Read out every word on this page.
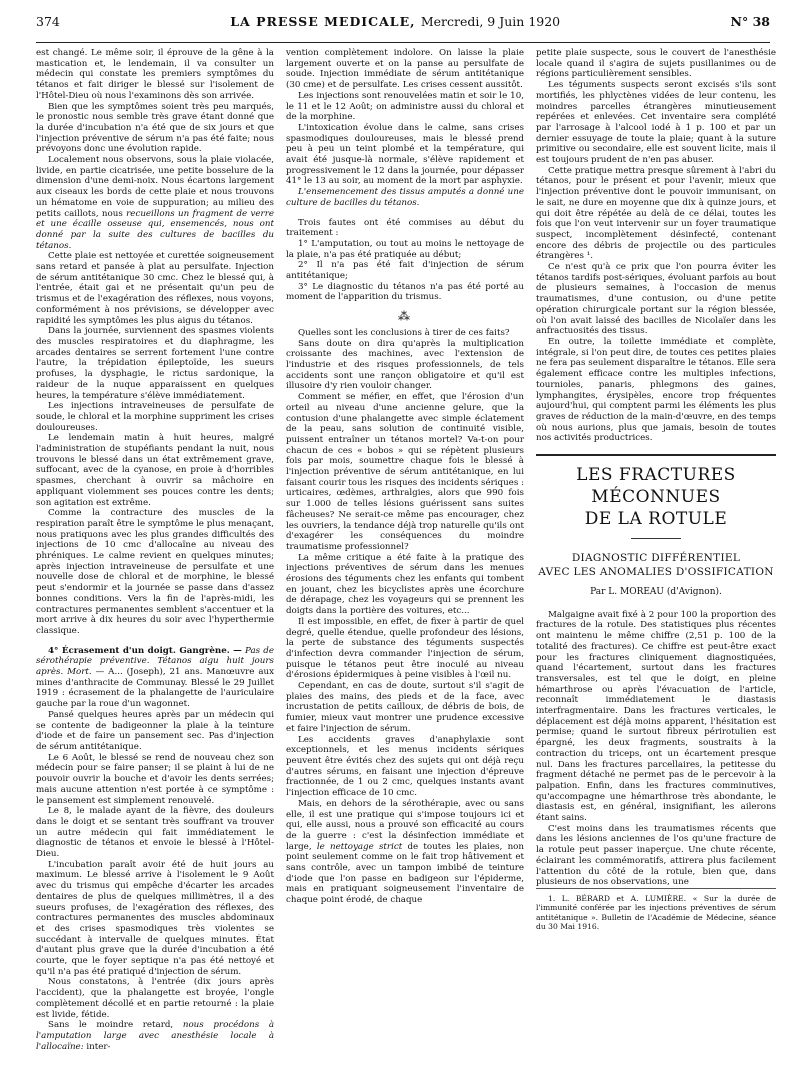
374	LA PRESSE MEDICALE, Mercredi, 9 Juin 1920	N° 38

est changé. Le même soir, il éprouve de la gêne à la mastication et, le lendemain, il va consulter un médecin qui constate les premiers symptômes du tétanos et fait diriger le blessé sur l'isolement de l'Hôtel-Dieu où nous l'examinons dès son arrivée.

Bien que les symptômes soient très peu marqués, le pronostic nous semble très grave étant donné que la durée d'incubation n'a été que de six jours et que l'injection préventive de sérum n'a pas été faite; nous prévoyons donc une évolution rapide.

Localement nous observons, sous la plaie violacée, livide, en partie cicatrisée, une petite bosselure de la dimension d'une demi-noix. Nous écartons largement aux ciseaux les bords de cette plaie et nous trouvons un hématome en voie de suppuration; au milieu des petits caillots, nous recueillons un fragment de verre et une écaille osseuse qui, ensemencés, nous ont donné par la suite des cultures de bacilles du tétanos.

Cette plaie est nettoyée et curettée soigneusement sans retard et pansée à plat au persulfate. Injection de sérum antitétanique 30 cmc. Chez le blessé qui, à l'entrée, était gai et ne présentait qu'un peu de trismus et de l'exagération des réflexes, nous voyons, conformément à nos prévisions, se développer avec rapidité les symptômes les plus aigus du tétanos.

Dans la journée, surviennent des spasmes violents des muscles respiratoires et du diaphragme, les arcades dentaires se serrent fortement l'une contre l'autre, la trépidation épileptoïde, les sueurs profuses, la dysphagie, le rictus sardonique, la raideur de la nuque apparaissent en quelques heures, la température s'élève immédiatement.

Les injections intraveineuses de persulfate de soude, le chloral et la morphine suppriment les crises douloureuses.

Le lendemain matin à huit heures, malgré l'administration de stupéfiants pendant la nuit, nous trouvons le blessé dans un état extrêmement grave, suffocant, avec de la cyanose, en proie à d'horribles spasmes, cherchant à ouvrir sa mâchoire en appliquant violemment ses pouces contre les dents; son agitation est extrême.

Comme la contracture des muscles de la respiration paraît être le symptôme le plus menaçant, nous pratiquons avec les plus grandes difficultés des injections de 10 cmc d'allocaïne au niveau des phréniques. Le calme revient en quelques minutes; après injection intraveineuse de persulfate et une nouvelle dose de chloral et de morphine, le blessé peut s'endormir et la journée se passe dans d'assez bonnes conditions. Vers la fin de l'après-midi, les contractures permanentes semblent s'accentuer et la mort arrive à dix heures du soir avec l'hyperthermie classique.

4° Écrasement d'un doigt. Gangrène. — Pas de sérothérapie préventive. Tétanos aigu huit jours après. Mort. — A... (Joseph), 21 ans. Manœuvre aux mines d'anthracite de Communay. Blessé le 29 Juillet 1919 : écrasement de la phalangette de l'auriculaire gauche par la roue d'un wagonnet.

Pansé quelques heures après par un médecin qui se contente de badigeonner la plaie à la teinture d'iode et de faire un pansement sec. Pas d'injection de sérum antitétanique.

Le 6 Août, le blessé se rend de nouveau chez son médecin pour se faire panser; il se plaint à lui de ne pouvoir ouvrir la bouche et d'avoir les dents serrées; mais aucune attention n'est portée à ce symptôme : le pansement est simplement renouvelé.

Le 8, le malade ayant de la fièvre, des douleurs dans le doigt et se sentant très souffrant va trouver un autre médecin qui fait immédiatement le diagnostic de tétanos et envoie le blessé à l'Hôtel-Dieu.

L'incubation paraît avoir été de huit jours au maximum. Le blessé arrive à l'isolement le 9 Août avec du trismus qui empêche d'écarter les arcades dentaires de plus de quelques millimètres, il a des sueurs profuses, de l'exagération des réflexes, des contractures permanentes des muscles abdominaux et des crises spasmodiques très violentes se succédant à intervalle de quelques minutes. État d'autant plus grave que la durée d'incubation a été courte, que le foyer septique n'a pas été nettoyé et qu'il n'a pas été pratiqué d'injection de sérum.

Nous constatons, à l'entrée (dix jours après l'accident), que la phalangette est broyée, l'ongle complètement décollé et en partie retourné : la plaie est livide, fétide.

Sans le moindre retard, nous procédons à l'amputation large avec anesthésie locale à l'allocaïne: inter-

vention complètement indolore. On laisse la plaie largement ouverte et on la panse au persulfate de soude. Injection immédiate de sérum antitétanique (30 cme) et de persulfate. Les crises cessent aussitôt.

Les injections sont renouvelées matin et soir le 10, le 11 et le 12 Août; on administre aussi du chloral et de la morphine.

L'intoxication évolue dans le calme, sans crises spasmodiques douloureuses, mais le blessé prend peu à peu un teint plombé et la température, qui avait été jusque-là normale, s'élève rapidement et progressivement le 12 dans la journée, pour dépasser 41° le 13 au soir, au moment de la mort par asphyxie.

L'ensemencement des tissus amputés a donné une culture de bacilles du tétanos.

Trois fautes ont été commises au début du traitement :

1° L'amputation, ou tout au moins le nettoyage de la plaie, n'a pas été pratiquée au début;

2° Il n'a pas été fait d'injection de sérum antitétanique;

3° Le diagnostic du tétanos n'a pas été porté au moment de l'apparition du trismus.

⁂

Quelles sont les conclusions à tirer de ces faits?

Sans doute on dira qu'après la multiplication croissante des machines, avec l'extension de l'industrie et des risques professionnels, de tels accidents sont une rançon obligatoire et qu'il est illusoire d'y rien vouloir changer.

Comment se méfier, en effet, que l'érosion d'un orteil au niveau d'une ancienne gelure, que la contusion d'une phalangette avec simple éclatement de la peau, sans solution de continuité visible, puissent entraîner un tétanos mortel? Va-t-on pour chacun de ces « bobos » qui se répètent plusieurs fois par mois, soumettre chaque fois le blessé à l'injection préventive de sérum antitétanique, en lui faisant courir tous les risques des incidents sériques : urticaires, œdèmes, arthralgies, alors que 990 fois sur 1.000 de telles lésions guérissent sans suites fâcheuses? Ne serait-ce même pas encourager, chez les ouvriers, la tendance déjà trop naturelle qu'ils ont d'exagérer les conséquences du moindre traumatisme professionnel?

La même critique a été faite à la pratique des injections préventives de sérum dans les menues érosions des téguments chez les enfants qui tombent en jouant, chez les bicyclistes après une écorchure de dérapage, chez les voyageurs qui se prennent les doigts dans la portière des voitures, etc...

Il est impossible, en effet, de fixer à partir de quel degré, quelle étendue, quelle profondeur des lésions, la perte de substance des téguments suspectés d'infection devra commander l'injection de sérum, puisque le tétanos peut être inoculé au niveau d'érosions épidermiques à peine visibles à l'œil nu.

Cependant, en cas de doute, surtout s'il s'agit de plaies des mains, des pieds et de la face, avec incrustation de petits cailloux, de débris de bois, de fumier, mieux vaut montrer une prudence excessive et faire l'injection de sérum.

Les accidents graves d'anaphylaxie sont exceptionnels, et les menus incidents sériques peuvent être évités chez des sujets qui ont déjà reçu d'autres sérums, en faisant une injection d'épreuve fractionnée, de 1 ou 2 cmc, quelques instants avant l'injection efficace de 10 cmc.

Mais, en dehors de la sérothérapie, avec ou sans elle, il est une pratique qui s'impose toujours ici et qui, elle aussi, nous a prouvé son efficacité au cours de la guerre : c'est la désinfection immédiate et large, le nettoyage strict de toutes les plaies, non point seulement comme on le fait trop hâtivement et sans contrôle, avec un tampon imbibé de teinture d'iode que l'on passe en badigeon sur l'épiderme, mais en pratiquant soigneusement l'inventaire de chaque point érodé, de chaque

petite plaie suspecte, sous le couvert de l'anesthésie locale quand il s'agira de sujets pusillanimes ou de régions particulièrement sensibles.

Les téguments suspects seront excisés s'ils sont mortifiés, les phlyctènes vidées de leur contenu, les moindres parcelles étrangères minutieusement repérées et enlevées. Cet inventaire sera complété par l'arrosage à l'alcool iodé à 1 p. 100 et par un dernier essuyage de toute la plaie; quant à la suture primitive ou secondaire, elle est souvent licite, mais il est toujours prudent de n'en pas abuser.

Cette pratique mettra presque sûrement à l'abri du tétanos, pour le présent et pour l'avenir, mieux que l'injection préventive dont le pouvoir immunisant, on le sait, ne dure en moyenne que dix à quinze jours, et qui doit être répétée au delà de ce délai, toutes les fois que l'on veut intervenir sur un foyer traumatique suspect, incomplètement désinfecté, contenant encore des débris de projectile ou des particules étrangères ¹.

Ce n'est qu'à ce prix que l'on pourra éviter les tétanos tardifs post-sériques, évoluant parfois au bout de plusieurs semaines, à l'occasion de menus traumatismes, d'une contusion, ou d'une petite opération chirurgicale portant sur la région blessée, où l'on avait laissé des bacilles de Nicolaïer dans les anfractuosités des tissus.

En outre, la toilette immédiate et complète, intégrale, si l'on peut dire, de toutes ces petites plaies ne fera pas seulement disparaître le tétanos. Elle sera également efficace contre les multiples infections, tournioles, panaris, phlegmons des gaines, lymphangites, érysipèles, encore trop fréquentes aujourd'hui, qui comptent parmi les éléments les plus graves de réduction de la main-d'œuvre, en des temps où nous aurions, plus que jamais, besoin de toutes nos activités productrices.

LES FRACTURES MÉCONNUES
DE LA ROTULE
DIAGNOSTIC DIFFÉRENTIEL
AVEC LES ANOMALIES D'OSSIFICATION
Par L. MOREAU (d'Avignon).

Malgaigne avait fixé à 2 pour 100 la proportion des fractures de la rotule. Des statistiques plus récentes ont maintenu le même chiffre (2,51 p. 100 de la totalité des fractures). Ce chiffre est peut-être exact pour les fractures cliniquement diagnostiquées, quand l'écartement, surtout dans les fractures transversales, est tel que le doigt, en pleine hémarthrose ou après l'évacuation de l'article, reconnaît immédiatement le diastasis interfragmentaire. Dans les fractures verticales, le déplacement est déjà moins apparent, l'hésitation est permise; quand le surtout fibreux périrotulien est épargné, les deux fragments, soustraits à la contraction du triceps, ont un écartement presque nul. Dans les fractures parcellaires, la petitesse du fragment détaché ne permet pas de le percevoir à la palpation. Enfin, dans les fractures comminutives, qu'accompagne une hémarthrose très abondante, le diastasis est, en général, insignifiant, les ailerons étant sains.

C'est moins dans les traumatismes récents que dans les lésions anciennes de l'os qu'une fracture de la rotule peut passer inaperçue. Une chute récente, éclairant les commémoratifs, attirera plus facilement l'attention du côté de la rotule, bien que, dans plusieurs de nos observations, une

1. L. BÉRARD et A. LUMIÈRE. « Sur la durée de l'immunité conférée par les injections préventives de sérum antitétanique ». Bulletin de l'Académie de Médecine, séance du 30 Mai 1916.
